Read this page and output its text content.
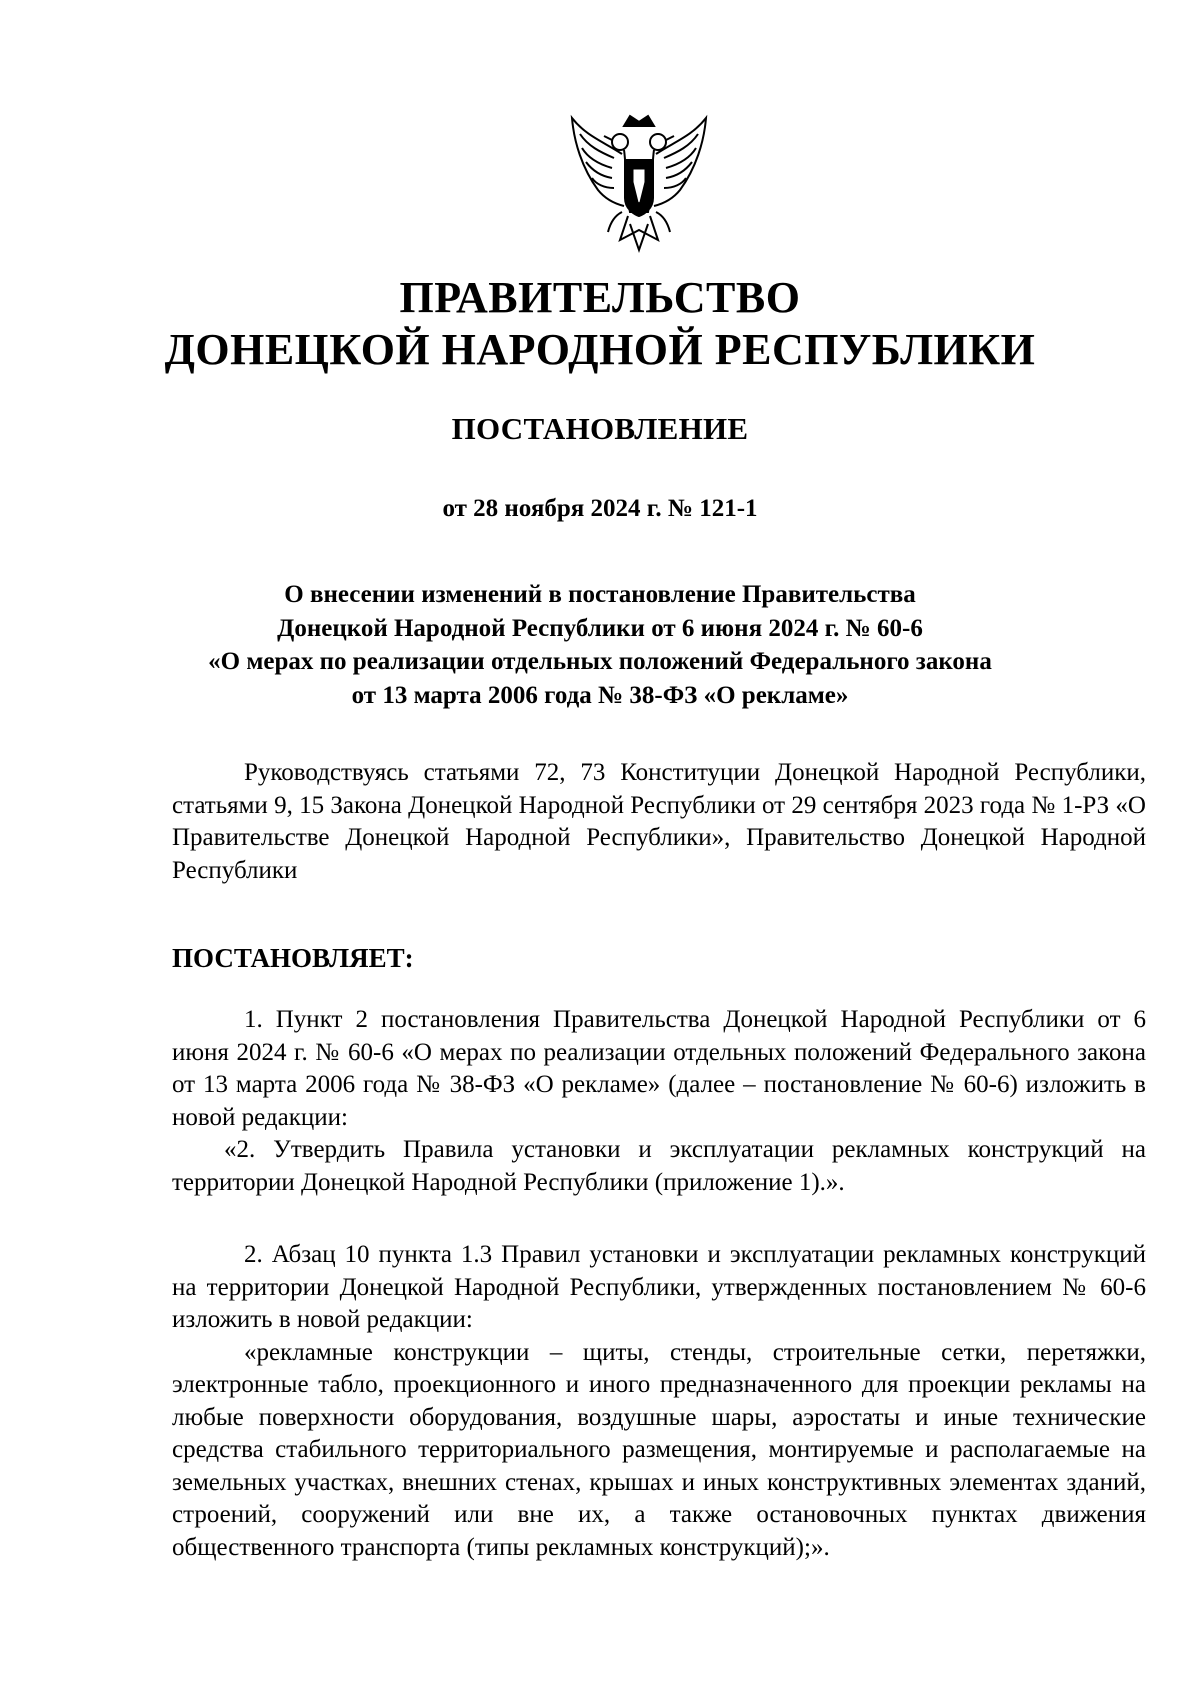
ПРАВИТЕЛЬСТВО
ДОНЕЦКОЙ НАРОДНОЙ РЕСПУБЛИКИ
ПОСТАНОВЛЕНИЕ
от 28 ноября 2024 г. № 121-1
О внесении изменений в постановление Правительства
Донецкой Народной Республики от 6 июня 2024 г. № 60-6
«О мерах по реализации отдельных положений Федерального закона
от 13 марта 2006 года № 38-ФЗ «О рекламе»

Руководствуясь статьями 72, 73 Конституции Донецкой Народной Республики, статьями 9, 15 Закона Донецкой Народной Республики от 29 сентября 2023 года № 1-РЗ «О Правительстве Донецкой Народной Республики», Правительство Донецкой Народной Республики

ПОСТАНОВЛЯЕТ:

1. Пункт 2 постановления Правительства Донецкой Народной Республики от 6 июня 2024 г. № 60-6 «О мерах по реализации отдельных положений Федерального закона от 13 марта 2006 года № 38-ФЗ «О рекламе» (далее – постановление № 60-6) изложить в новой редакции:

«2. Утвердить Правила установки и эксплуатации рекламных конструкций на территории Донецкой Народной Республики (приложение 1).».

2. Абзац 10 пункта 1.3 Правил установки и эксплуатации рекламных конструкций на территории Донецкой Народной Республики, утвержденных постановлением № 60-6 изложить в новой редакции:

«рекламные конструкции – щиты, стенды, строительные сетки, перетяжки, электронные табло, проекционного и иного предназначенного для проекции рекламы на любые поверхности оборудования, воздушные шары, аэростаты и иные технические средства стабильного территориального размещения, монтируемые и располагаемые на земельных участках, внешних стенах, крышах и иных конструктивных элементах зданий, строений, сооружений или вне их, а также остановочных пунктах движения общественного транспорта (типы рекламных конструкций);».
